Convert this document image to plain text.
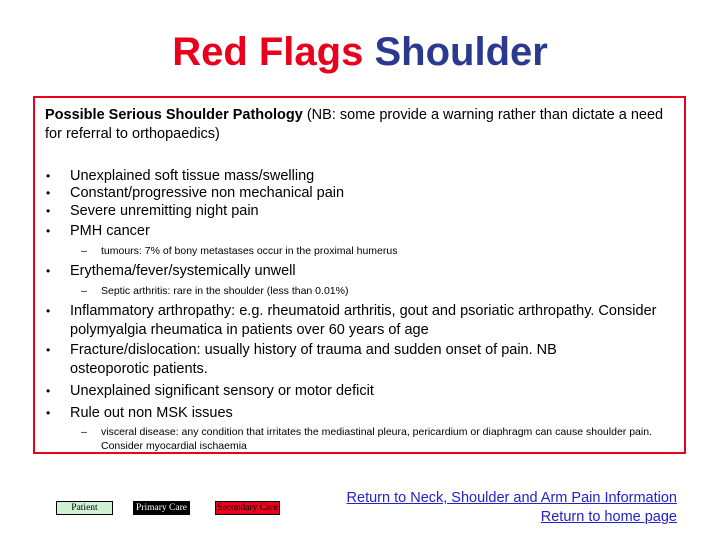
Red Flags Shoulder
Possible Serious Shoulder Pathology (NB: some provide a warning rather than dictate a need for referral to orthopaedics)
• Unexplained soft tissue mass/swelling
• Constant/progressive non mechanical pain
• Severe unremitting night pain
• PMH cancer
– tumours: 7% of bony metastases occur in the proximal humerus
• Erythema/fever/systemically unwell
– Septic arthritis: rare in the shoulder (less than 0.01%)
• Inflammatory arthropathy: e.g. rheumatoid arthritis, gout and psoriatic arthropathy. Consider polymyalgia rheumatica in patients over 60 years of age
• Fracture/dislocation: usually history of trauma and sudden onset of pain. NB osteoporotic patients.
• Unexplained significant sensory or motor deficit
• Rule out non MSK issues
– visceral disease: any condition that irritates the mediastinal pleura, pericardium or diaphragm can cause shoulder pain. Consider myocardial ischaemia
Patient	Primary Care	Secondary Care
Return to Neck, Shoulder and Arm Pain Information
Return to home page
